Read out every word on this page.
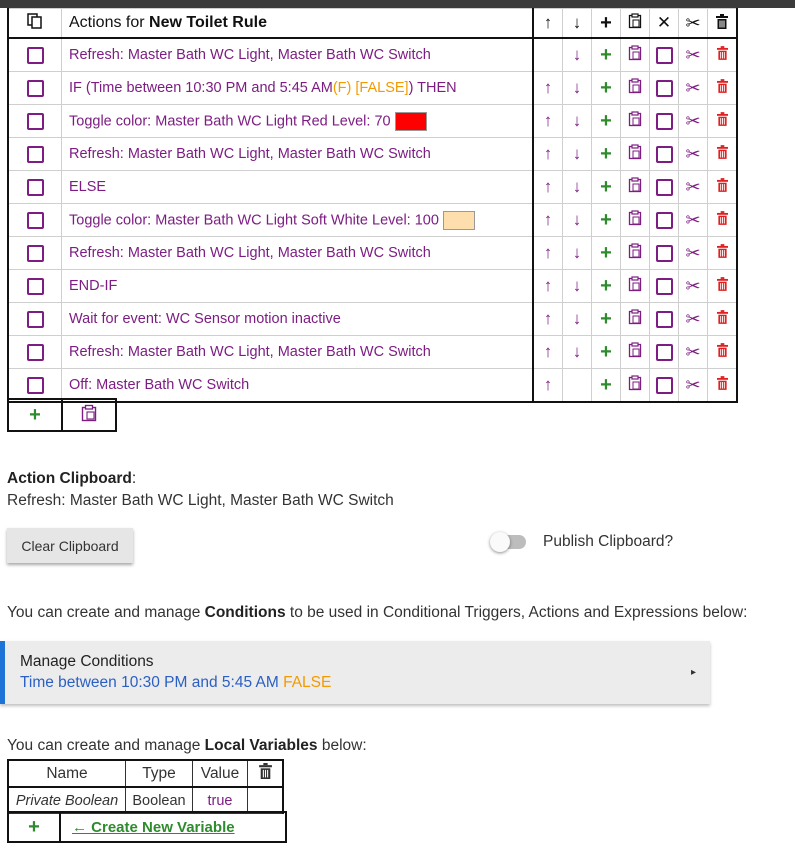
	Actions for New Toilet Rule	↑	↓	+		✕	✂	
	Refresh: Master Bath WC Light, Master Bath WC Switch		↓	+			✂	
	IF (Time between 10:30 PM and 5:45 AM(F) [FALSE]) THEN	↑	↓	+			✂	
	Toggle color: Master Bath WC Light Red Level: 70	↑	↓	+			✂	
	Refresh: Master Bath WC Light, Master Bath WC Switch	↑	↓	+			✂	
	ELSE	↑	↓	+			✂	
	Toggle color: Master Bath WC Light Soft White Level: 100	↑	↓	+			✂	
	Refresh: Master Bath WC Light, Master Bath WC Switch	↑	↓	+			✂	
	END-IF	↑	↓	+			✂	
	Wait for event: WC Sensor motion inactive	↑	↓	+			✂	
	Refresh: Master Bath WC Light, Master Bath WC Switch	↑	↓	+			✂	
	Off: Master Bath WC Switch	↑		+			✂	
+	
Action Clipboard:
Refresh: Master Bath WC Light, Master Bath WC Switch
Clear Clipboard	Publish Clipboard?
You can create and manage Conditions to be used in Conditional Triggers, Actions and Expressions below:
Manage Conditions
Time between 10:30 PM and 5:45 AM FALSE
▸
You can create and manage Local Variables below:
Name	Type	Value	
Private Boolean	Boolean	true	
+	← Create New Variable
